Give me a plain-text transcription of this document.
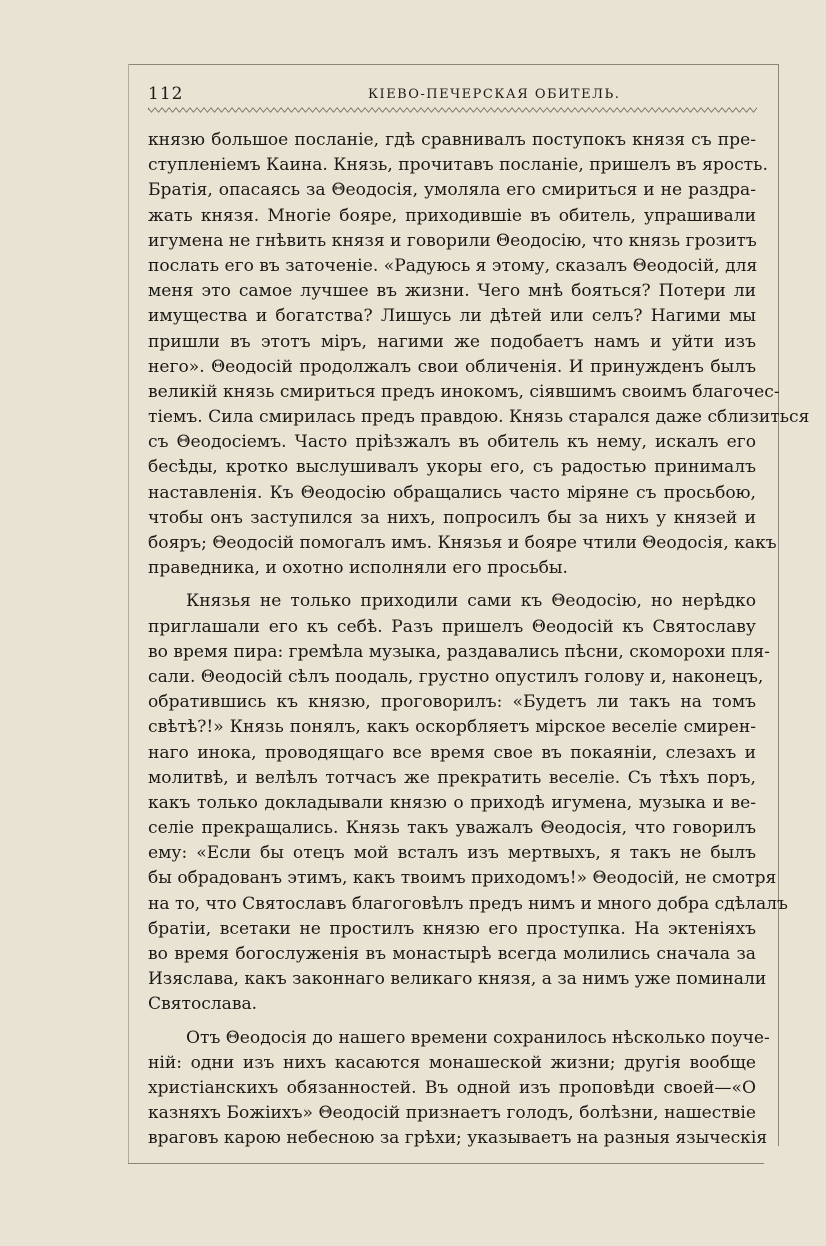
112	КІЕВО-ПЕЧЕРСКАЯ ОБИТЕЛЬ.
князю большое посланіе, гдѣ сравнивалъ поступокъ князя съ пре-
ступленіемъ Каина. Князь, прочитавъ посланіе, пришелъ въ ярость.
Братія, опасаясь за Θеодосія, умоляла его смириться и не раздра-
жать князя. Многіе бояре, приходившіе въ обитель, упрашивали
игумена не гнѣвить князя и говорили Θеодосію, что князь грозитъ
послать его въ заточеніе. «Радуюсь я этому, сказалъ Θеодосій, для
меня это самое лучшее въ жизни. Чего мнѣ бояться? Потери ли
имущества и богатства? Лишусь ли дѣтей или селъ? Нагими мы
пришли въ этотъ міръ, нагими же подобаетъ намъ и уйти изъ
него». Θеодосій продолжалъ свои обличенія. И принужденъ былъ
великій князь смириться предъ инокомъ, сіявшимъ своимъ благочес-
тіемъ. Сила смирилась предъ правдою. Князь старался даже сблизиться
съ Θеодосіемъ. Часто пріѣзжалъ въ обитель къ нему, искалъ его
бесѣды, кротко выслушивалъ укоры его, съ радостью принималъ
наставленія. Къ Θеодосію обращались часто міряне съ просьбою,
чтобы онъ заступился за нихъ, попросилъ бы за нихъ у князей и
бояръ; Θеодосій помогалъ имъ. Князья и бояре чтили Θеодосія, какъ
праведника, и охотно исполняли его просьбы.
Князья не только приходили сами къ Θеодосію, но нерѣдко
приглашали его къ себѣ. Разъ пришелъ Θеодосій къ Святославу
во время пира: гремѣла музыка, раздавались пѣсни, скоморохи пля-
сали. Θеодосій сѣлъ поодаль, грустно опустилъ голову и, наконецъ,
обратившись къ князю, проговорилъ: «Будетъ ли такъ на томъ
свѣтѣ?!» Князь понялъ, какъ оскорбляетъ мірское веселіе смирен-
наго инока, проводящаго все время свое въ покаяніи, слезахъ и
молитвѣ, и велѣлъ тотчасъ же прекратить веселіе. Съ тѣхъ поръ,
какъ только докладывали князю о приходѣ игумена, музыка и ве-
селіе прекращались. Князь такъ уважалъ Θеодосія, что говорилъ
ему: «Если бы отецъ мой всталъ изъ мертвыхъ, я такъ не былъ
бы обрадованъ этимъ, какъ твоимъ приходомъ!» Θеодосій, не смотря
на то, что Святославъ благоговѣлъ предъ нимъ и много добра сдѣлалъ
братіи, всетаки не простилъ князю его проступка. На эктеніяхъ
во время богослуженія въ монастырѣ всегда молились сначала за
Изяслава, какъ законнаго великаго князя, а за нимъ уже поминали
Святослава.
Отъ Θеодосія до нашего времени сохранилось нѣсколько поуче-
ній: одни изъ нихъ касаются монашеской жизни; другія вообще
христіанскихъ обязанностей. Въ одной изъ проповѣди своей—«О
казняхъ Божіихъ» Θеодосій признаетъ голодъ, болѣзни, нашествіе
враговъ карою небесною за грѣхи; указываетъ на разныя языческія
